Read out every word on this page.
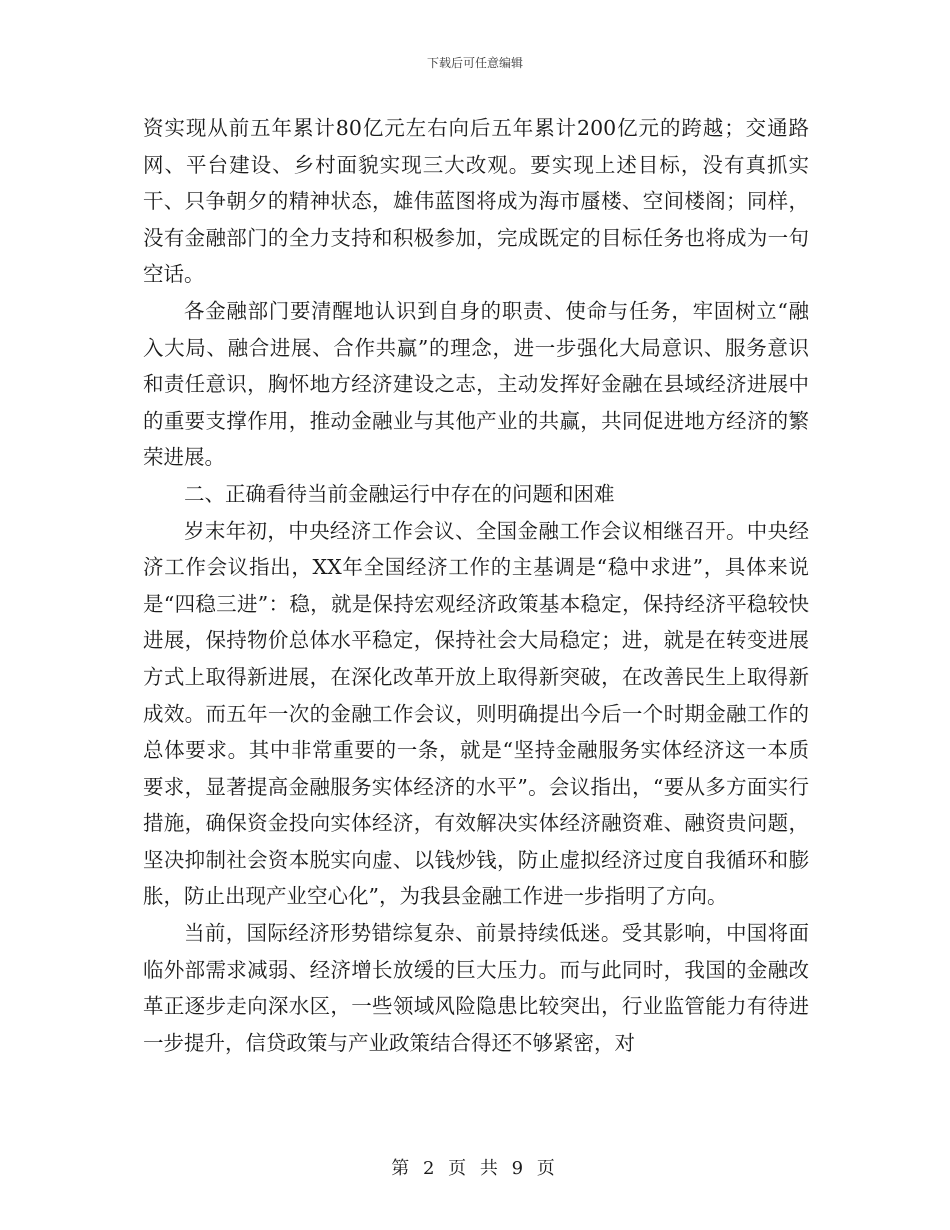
下载后可任意编辑

资实现从前五年累计80亿元左右向后五年累计200亿元的跨越；交通路网、平台建设、乡村面貌实现三大改观。要实现上述目标，没有真抓实干、只争朝夕的精神状态，雄伟蓝图将成为海市蜃楼、空间楼阁；同样，没有金融部门的全力支持和积极参加，完成既定的目标任务也将成为一句空话。

各金融部门要清醒地认识到自身的职责、使命与任务，牢固树立“融入大局、融合进展、合作共赢”的理念，进一步强化大局意识、服务意识和责任意识，胸怀地方经济建设之志，主动发挥好金融在县域经济进展中的重要支撑作用，推动金融业与其他产业的共赢，共同促进地方经济的繁荣进展。

二、正确看待当前金融运行中存在的问题和困难

岁末年初，中央经济工作会议、全国金融工作会议相继召开。中央经济工作会议指出，XX年全国经济工作的主基调是“稳中求进”，具体来说是“四稳三进”：稳，就是保持宏观经济政策基本稳定，保持经济平稳较快进展，保持物价总体水平稳定，保持社会大局稳定；进，就是在转变进展方式上取得新进展，在深化改革开放上取得新突破，在改善民生上取得新成效。而五年一次的金融工作会议，则明确提出今后一个时期金融工作的总体要求。其中非常重要的一条，就是“坚持金融服务实体经济这一本质要求，显著提高金融服务实体经济的水平”。会议指出，“要从多方面实行措施，确保资金投向实体经济，有效解决实体经济融资难、融资贵问题，坚决抑制社会资本脱实向虚、以钱炒钱，防止虚拟经济过度自我循环和膨胀，防止出现产业空心化”，为我县金融工作进一步指明了方向。

当前，国际经济形势错综复杂、前景持续低迷。受其影响，中国将面临外部需求减弱、经济增长放缓的巨大压力。而与此同时，我国的金融改革正逐步走向深水区，一些领域风险隐患比较突出，行业监管能力有待进一步提升，信贷政策与产业政策结合得还不够紧密，对

第 2 页 共 9 页
